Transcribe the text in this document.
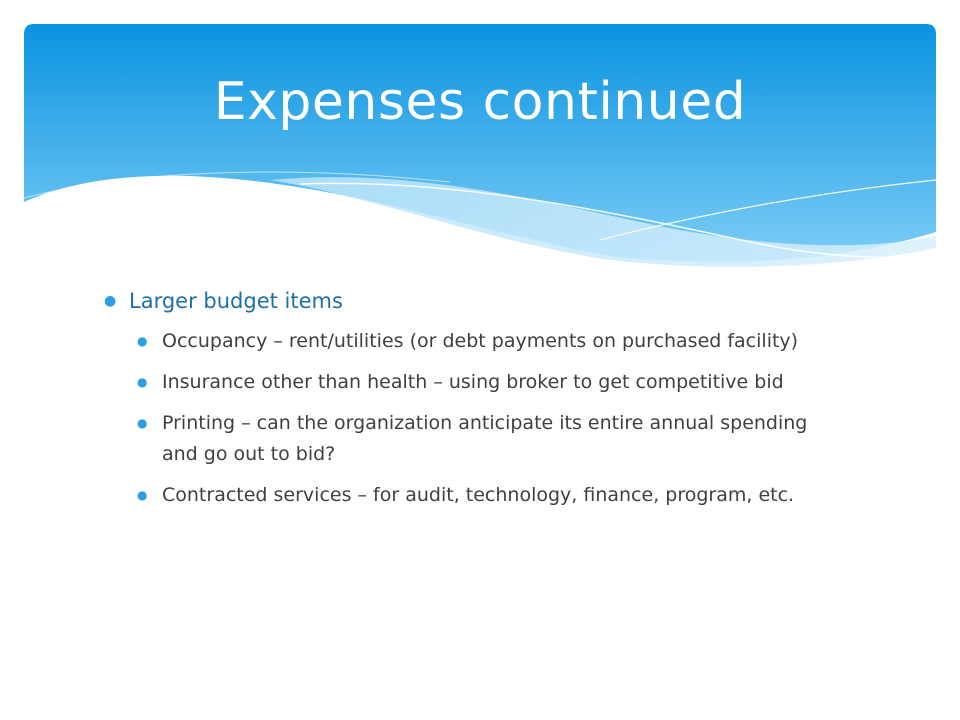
Expenses continued
● Larger budget items
● Occupancy – rent/utilities (or debt payments on purchased facility)
● Insurance other than health – using broker to get competitive bid
● Printing – can the organization anticipate its entire annual spending and go out to bid?
● Contracted services – for audit, technology, finance, program, etc.
